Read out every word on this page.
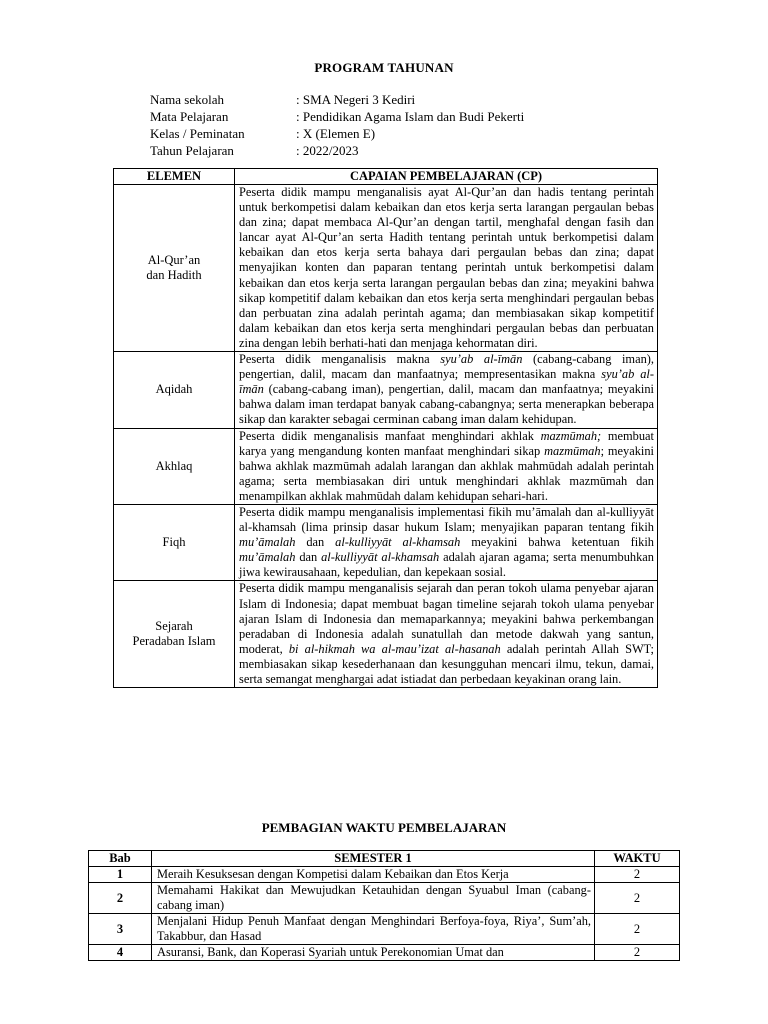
PROGRAM TAHUNAN
Nama sekolah	: SMA Negeri 3 Kediri
Mata Pelajaran	: Pendidikan Agama Islam dan Budi Pekerti
Kelas / Peminatan	: X (Elemen E)
Tahun Pelajaran	: 2022/2023
ELEMEN	CAPAIAN PEMBELAJARAN (CP)

Al-Qur’an
dan Hadith	Peserta didik mampu menganalisis ayat Al-Qur’an dan hadis tentang perintah untuk berkompetisi dalam kebaikan dan etos kerja serta larangan pergaulan bebas dan zina; dapat membaca Al-Qur’an dengan tartil, menghafal dengan fasih dan lancar ayat Al-Qur’an serta Hadith tentang perintah untuk berkompetisi dalam kebaikan dan etos kerja serta bahaya dari pergaulan bebas dan zina; dapat menyajikan konten dan paparan tentang perintah untuk berkompetisi dalam kebaikan dan etos kerja serta larangan pergaulan bebas dan zina; meyakini bahwa sikap kompetitif dalam kebaikan dan etos kerja serta menghindari pergaulan bebas dan perbuatan zina adalah perintah agama; dan membiasakan sikap kompetitif dalam kebaikan dan etos kerja serta menghindari pergaulan bebas dan perbuatan zina dengan lebih berhati-hati dan menjaga kehormatan diri.

Aqidah	Peserta didik menganalisis makna syu’ab al-īmān (cabang-cabang iman), pengertian, dalil, macam dan manfaatnya; mempresentasikan makna syu’ab al-īmān (cabang-cabang iman), pengertian, dalil, macam dan manfaatnya; meyakini bahwa dalam iman terdapat banyak cabang-cabangnya; serta menerapkan beberapa sikap dan karakter sebagai cerminan cabang iman dalam kehidupan.

Akhlaq	Peserta didik menganalisis manfaat menghindari akhlak mazmūmah; membuat karya yang mengandung konten manfaat menghindari sikap mazmūmah; meyakini bahwa akhlak mazmūmah adalah larangan dan akhlak mahmūdah adalah perintah agama; serta membiasakan diri untuk menghindari akhlak mazmūmah dan menampilkan akhlak mahmūdah dalam kehidupan sehari-hari.

Fiqh	Peserta didik mampu menganalisis implementasi fikih mu’āmalah dan al-kulliyyāt al-khamsah (lima prinsip dasar hukum Islam; menyajikan paparan tentang fikih mu’āmalah dan al-kulliyyāt al-khamsah meyakini bahwa ketentuan fikih mu’āmalah dan al-kulliyyāt al-khamsah adalah ajaran agama; serta menumbuhkan jiwa kewirausahaan, kepedulian, dan kepekaan sosial.

Sejarah
Peradaban Islam	Peserta didik mampu menganalisis sejarah dan peran tokoh ulama penyebar ajaran Islam di Indonesia; dapat membuat bagan timeline sejarah tokoh ulama penyebar ajaran Islam di Indonesia dan memaparkannya; meyakini bahwa perkembangan peradaban di Indonesia adalah sunatullah dan metode dakwah yang santun, moderat, bi al-hikmah wa al-mau’izat al-hasanah adalah perintah Allah SWT; membiasakan sikap kesederhanaan dan kesungguhan mencari ilmu, tekun, damai, serta semangat menghargai adat istiadat dan perbedaan keyakinan orang lain.
PEMBAGIAN WAKTU PEMBELAJARAN
Bab	SEMESTER 1	WAKTU
1	Meraih Kesuksesan dengan Kompetisi dalam Kebaikan dan Etos Kerja	2
2	Memahami Hakikat dan Mewujudkan Ketauhidan dengan Syuabul Iman (cabang-cabang iman)	2
3	Menjalani Hidup Penuh Manfaat dengan Menghindari Berfoya-foya, Riya’, Sum’ah, Takabbur, dan Hasad	2
4	Asuransi, Bank, dan Koperasi Syariah untuk Perekonomian Umat dan	2
